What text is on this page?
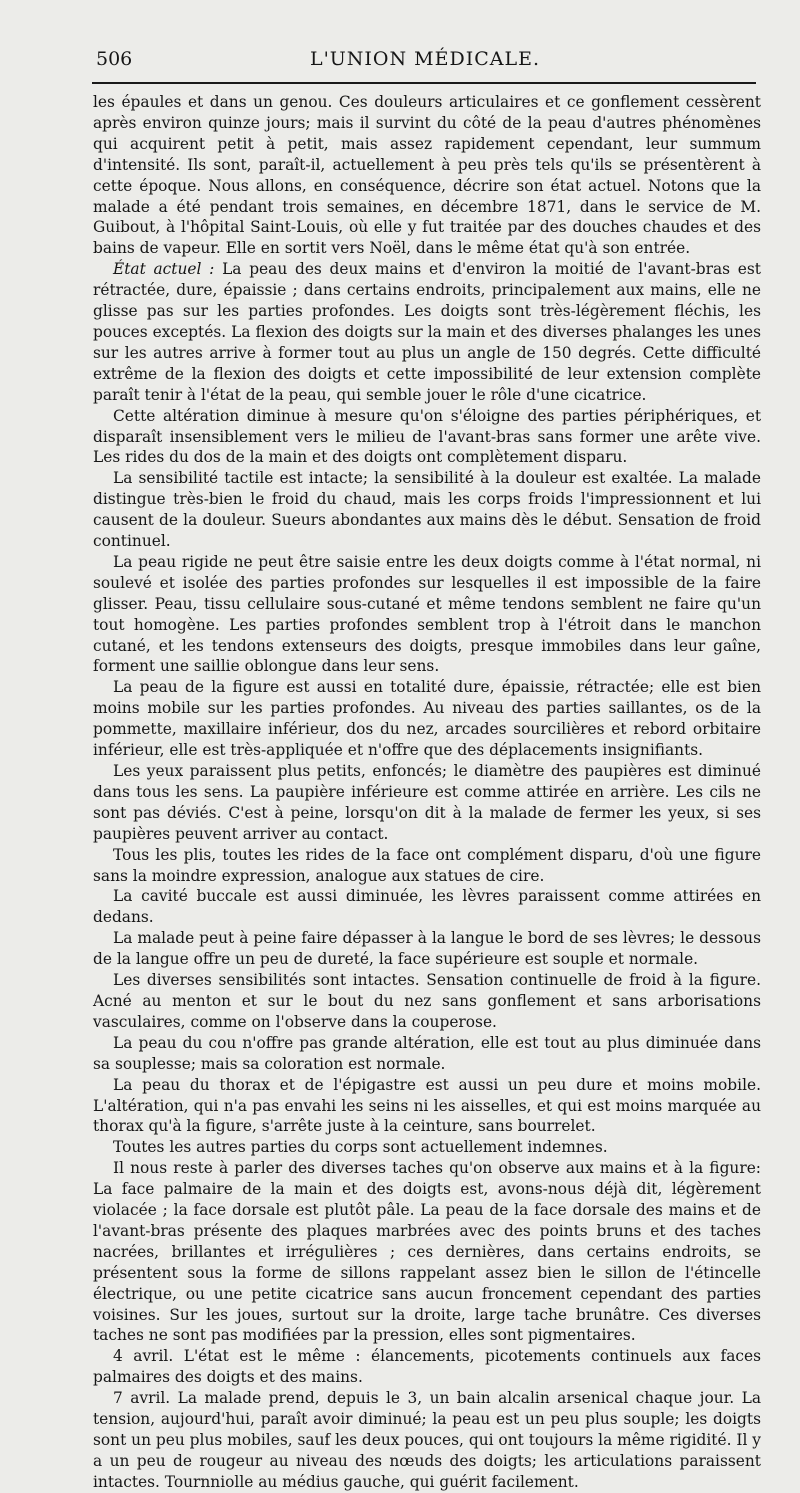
506	L'UNION MÉDICALE.

les épaules et dans un genou. Ces douleurs articulaires et ce gonflement cessèrent après environ quinze jours; mais il survint du côté de la peau d'autres phénomènes qui acquirent petit à petit, mais assez rapidement cependant, leur summum d'intensité. Ils sont, paraît-il, actuellement à peu près tels qu'ils se présentèrent à cette époque. Nous allons, en conséquence, décrire son état actuel. Notons que la malade a été pendant trois semaines, en décembre 1871, dans le service de M. Guibout, à l'hôpital Saint-Louis, où elle y fut traitée par des douches chaudes et des bains de vapeur. Elle en sortit vers Noël, dans le même état qu'à son entrée.

État actuel : La peau des deux mains et d'environ la moitié de l'avant-bras est rétractée, dure, épaissie ; dans certains endroits, principalement aux mains, elle ne glisse pas sur les parties profondes. Les doigts sont très-légèrement fléchis, les pouces exceptés. La flexion des doigts sur la main et des diverses phalanges les unes sur les autres arrive à former tout au plus un angle de 150 degrés. Cette difficulté extrême de la flexion des doigts et cette impossibilité de leur extension complète paraît tenir à l'état de la peau, qui semble jouer le rôle d'une cicatrice.

Cette altération diminue à mesure qu'on s'éloigne des parties périphériques, et disparaît insensiblement vers le milieu de l'avant-bras sans former une arête vive. Les rides du dos de la main et des doigts ont complètement disparu.

La sensibilité tactile est intacte; la sensibilité à la douleur est exaltée. La malade distingue très-bien le froid du chaud, mais les corps froids l'impressionnent et lui causent de la douleur. Sueurs abondantes aux mains dès le début. Sensation de froid continuel.

La peau rigide ne peut être saisie entre les deux doigts comme à l'état normal, ni soulevé et isolée des parties profondes sur lesquelles il est impossible de la faire glisser. Peau, tissu cellulaire sous-cutané et même tendons semblent ne faire qu'un tout homogène. Les parties profondes semblent trop à l'étroit dans le manchon cutané, et les tendons extenseurs des doigts, presque immobiles dans leur gaîne, forment une saillie oblongue dans leur sens.

La peau de la figure est aussi en totalité dure, épaissie, rétractée; elle est bien moins mobile sur les parties profondes. Au niveau des parties saillantes, os de la pommette, maxillaire inférieur, dos du nez, arcades sourcilières et rebord orbitaire inférieur, elle est très-appliquée et n'offre que des déplacements insignifiants.

Les yeux paraissent plus petits, enfoncés; le diamètre des paupières est diminué dans tous les sens. La paupière inférieure est comme attirée en arrière. Les cils ne sont pas déviés. C'est à peine, lorsqu'on dit à la malade de fermer les yeux, si ses paupières peuvent arriver au contact.

Tous les plis, toutes les rides de la face ont complément disparu, d'où une figure sans la moindre expression, analogue aux statues de cire.

La cavité buccale est aussi diminuée, les lèvres paraissent comme attirées en dedans.

La malade peut à peine faire dépasser à la langue le bord de ses lèvres; le dessous de la langue offre un peu de dureté, la face supérieure est souple et normale.

Les diverses sensibilités sont intactes. Sensation continuelle de froid à la figure. Acné au menton et sur le bout du nez sans gonflement et sans arborisations vasculaires, comme on l'observe dans la couperose.

La peau du cou n'offre pas grande altération, elle est tout au plus diminuée dans sa souplesse; mais sa coloration est normale.

La peau du thorax et de l'épigastre est aussi un peu dure et moins mobile. L'altération, qui n'a pas envahi les seins ni les aisselles, et qui est moins marquée au thorax qu'à la figure, s'arrête juste à la ceinture, sans bourrelet.

Toutes les autres parties du corps sont actuellement indemnes.

Il nous reste à parler des diverses taches qu'on observe aux mains et à la figure: La face palmaire de la main et des doigts est, avons-nous déjà dit, légèrement violacée ; la face dorsale est plutôt pâle. La peau de la face dorsale des mains et de l'avant-bras présente des plaques marbrées avec des points bruns et des taches nacrées, brillantes et irrégulières ; ces dernières, dans certains endroits, se présentent sous la forme de sillons rappelant assez bien le sillon de l'étincelle électrique, ou une petite cicatrice sans aucun froncement cependant des parties voisines. Sur les joues, surtout sur la droite, large tache brunâtre. Ces diverses taches ne sont pas modifiées par la pression, elles sont pigmentaires.

4 avril. L'état est le même : élancements, picotements continuels aux faces palmaires des doigts et des mains.

7 avril. La malade prend, depuis le 3, un bain alcalin arsenical chaque jour. La tension, aujourd'hui, paraît avoir diminué; la peau est un peu plus souple; les doigts sont un peu plus mobiles, sauf les deux pouces, qui ont toujours la même rigidité. Il y a un peu de rougeur au niveau des nœuds des doigts; les articulations paraissent intactes. Tournniolle au médius gauche, qui guérit facilement.
